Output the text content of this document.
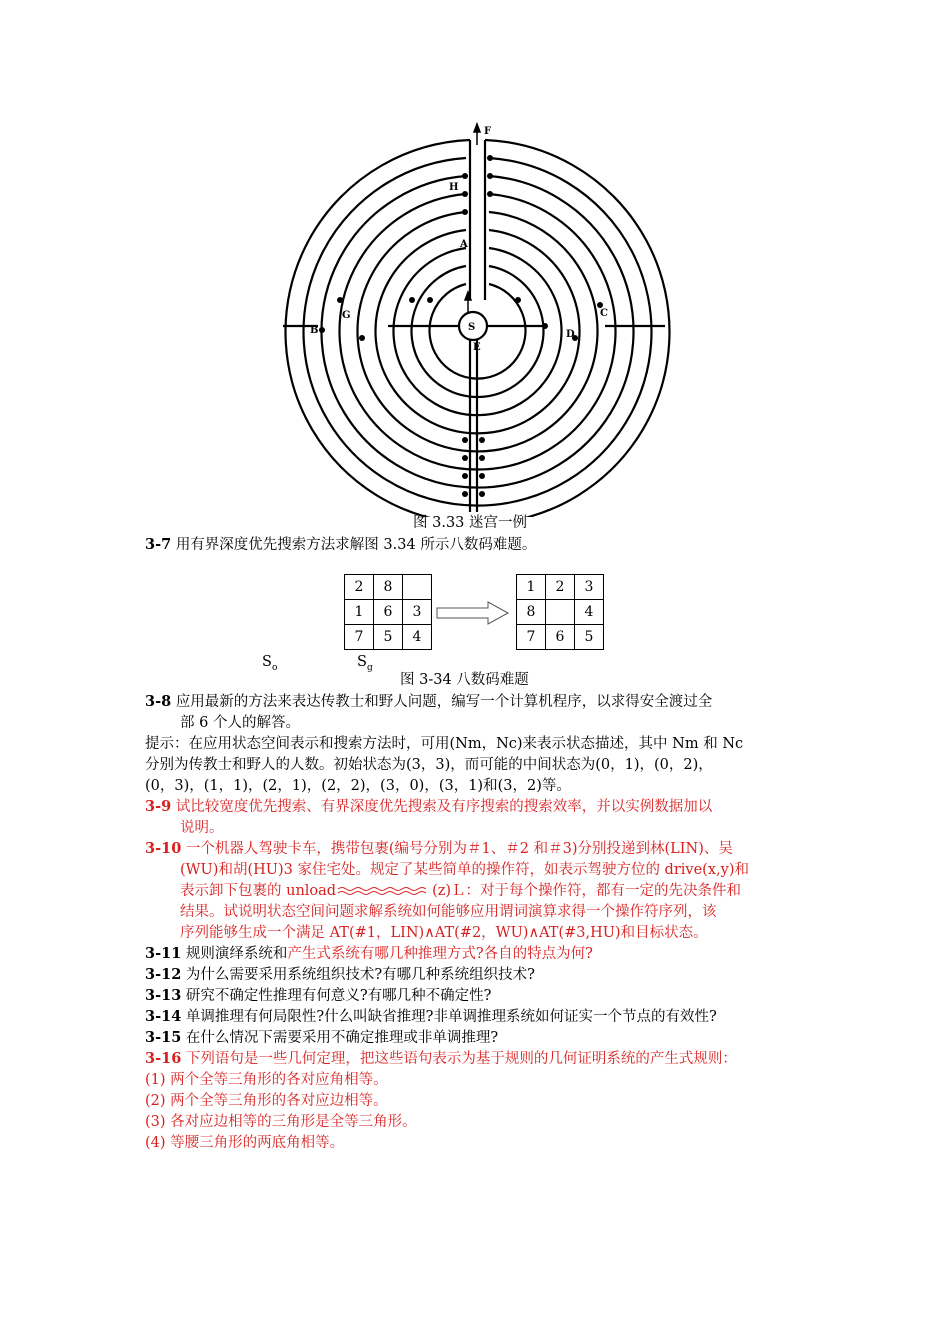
F
H
A
S
E
B
G	C
D
图 3.33 迷宫一例
3-7 用有界深度优先搜索方法求解图 3.34 所示八数码难题。
2	8	
1	6	3
7	5	4
1	2	3
8		4
7	6	5
$S_o$	$S_g$
图 3-34 八数码难题
3-8 应用最新的方法来表达传教士和野人问题，编写一个计算机程序，以求得安全渡过全
部 6 个人的解答。
提示：在应用状态空间表示和搜索方法时，可用(Nm，Nc)来表示状态描述，其中 Nm 和 Nc
分别为传教士和野人的人数。初始状态为(3，3)，而可能的中间状态为(0，1)，(0，2)，
(0，3)，(1，1)，(2，1)，(2，2)，(3，0)，(3，1)和(3，2)等。
3-9 试比较宽度优先搜索、有界深度优先搜索及有序搜索的搜索效率，并以实例数据加以
说明。
3-10 一个机器人驾驶卡车，携带包裹(编号分别为＃1、＃2 和＃3)分别投递到林(LIN)、吴
(WU)和胡(HU)3 家住宅处。规定了某些简单的操作符，如表示驾驶方位的 drive(x,y)和
表示卸下包裹的 unload	(z)Ｌ：对于每个操作符，都有一定的先决条件和
结果。试说明状态空间问题求解系统如何能够应用谓词演算求得一个操作符序列，该
序列能够生成一个满足 AT(#1，LIN)∧AT(#2，WU)∧AT(#3,HU)和目标状态。
3-11 规则演绎系统和产生式系统有哪几种推理方式?各自的特点为何?
3-12 为什么需要采用系统组织技术?有哪几种系统组织技术?
3-13 研究不确定性推理有何意义?有哪几种不确定性?
3-14 单调推理有何局限性?什么叫缺省推理?非单调推理系统如何证实一个节点的有效性?
3-15 在什么情况下需要采用不确定推理或非单调推理?
3-16 下列语句是一些几何定理，把这些语句表示为基于规则的几何证明系统的产生式规则：
(1) 两个全等三角形的各对应角相等。
(2) 两个全等三角形的各对应边相等。
(3) 各对应边相等的三角形是全等三角形。
(4) 等腰三角形的两底角相等。
